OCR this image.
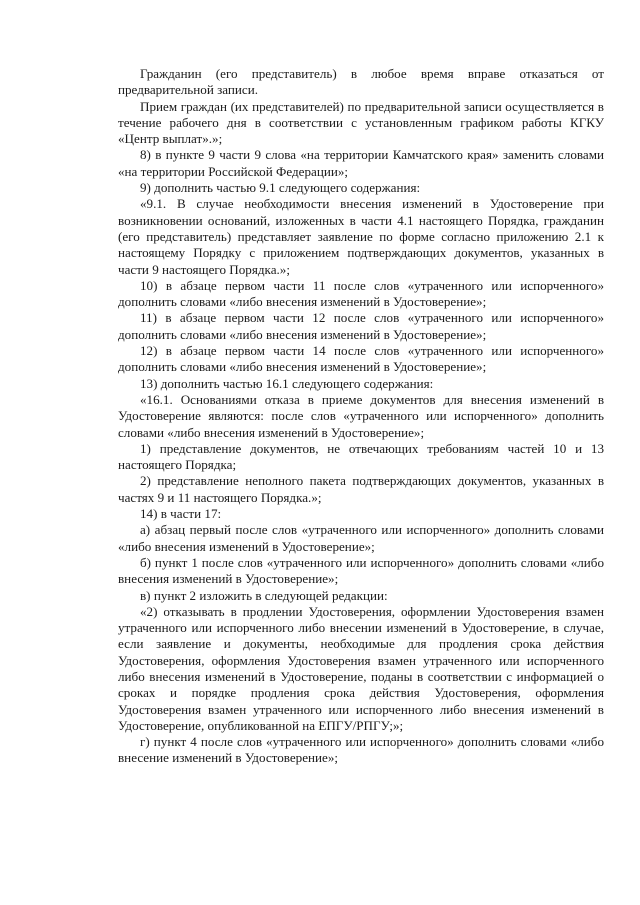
Гражданин (его представитель) в любое время вправе отказаться от предварительной записи.

Прием граждан (их представителей) по предварительной записи осуществляется в течение рабочего дня в соответствии с установленным графиком работы КГКУ «Центр выплат».»;

8) в пункте 9 части 9 слова «на территории Камчатского края» заменить словами «на территории Российской Федерации»;

9) дополнить частью 9.1 следующего содержания:

«9.1. В случае необходимости внесения изменений в Удостоверение при возникновении оснований, изложенных в части 4.1 настоящего Порядка, гражданин (его представитель) представляет заявление по форме согласно приложению 2.1 к настоящему Порядку с приложением подтверждающих документов, указанных в части 9 настоящего Порядка.»;

10) в абзаце первом части 11 после слов «утраченного или испорченного» дополнить словами «либо внесения изменений в Удостоверение»;

11) в абзаце первом части 12 после слов «утраченного или испорченного» дополнить словами «либо внесения изменений в Удостоверение»;

12) в абзаце первом части 14 после слов «утраченного или испорченного» дополнить словами «либо внесения изменений в Удостоверение»;

13) дополнить частью 16.1 следующего содержания:

«16.1. Основаниями отказа в приеме документов для внесения изменений в Удостоверение являются: после слов «утраченного или испорченного» дополнить словами «либо внесения изменений в Удостоверение»;

1) представление документов, не отвечающих требованиям частей 10 и 13 настоящего Порядка;

2) представление неполного пакета подтверждающих документов, указанных в частях 9 и 11 настоящего Порядка.»;

14) в части 17:

а) абзац первый после слов «утраченного или испорченного» дополнить словами «либо внесения изменений в Удостоверение»;

б) пункт 1 после слов «утраченного или испорченного» дополнить словами «либо внесения изменений в Удостоверение»;

в) пункт 2 изложить в следующей редакции:

«2) отказывать в продлении Удостоверения, оформлении Удостоверения взамен утраченного или испорченного либо внесении изменений в Удостоверение, в случае, если заявление и документы, необходимые для продления срока действия Удостоверения, оформления Удостоверения взамен утраченного или испорченного либо внесения изменений в Удостоверение, поданы в соответствии с информацией о сроках и порядке продления срока действия Удостоверения, оформления Удостоверения взамен утраченного или испорченного либо внесения изменений в Удостоверение, опубликованной на ЕПГУ/РПГУ;»;

г) пункт 4 после слов «утраченного или испорченного» дополнить словами «либо внесение изменений в Удостоверение»;
